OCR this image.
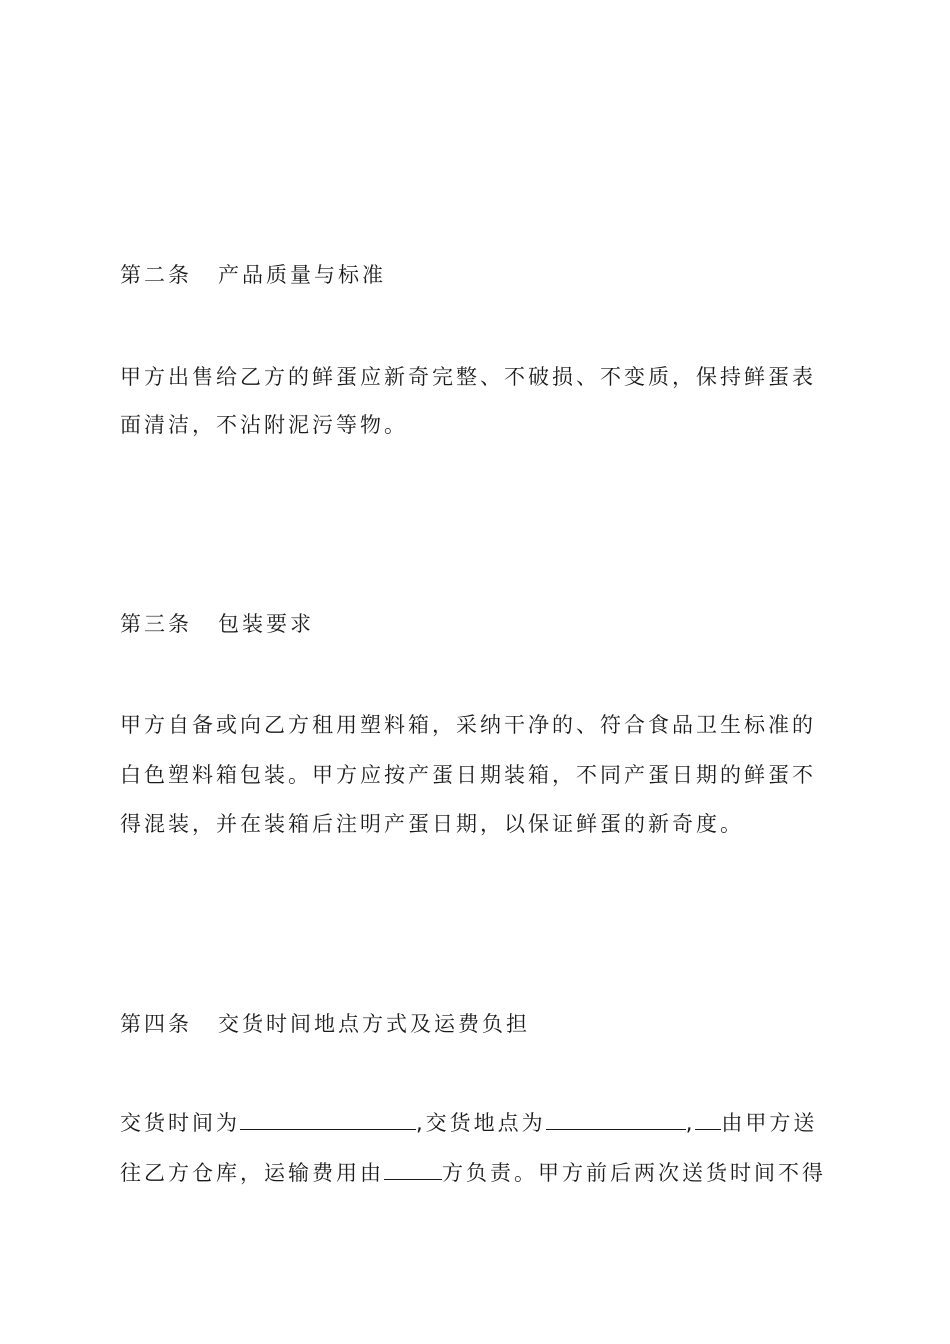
第二条 产品质量与标准
甲方出售给乙方的鲜蛋应新奇完整、不破损、不变质，保持鲜蛋表
面清洁，不沾附泥污等物。
第三条 包装要求
甲方自备或向乙方租用塑料箱，采纳干净的、符合食品卫生标准的
白色塑料箱包装。甲方应按产蛋日期装箱，不同产蛋日期的鲜蛋不
得混装，并在装箱后注明产蛋日期，以保证鲜蛋的新奇度。
第四条 交货时间地点方式及运费负担
交货时间为	,交货地点为	, 由甲方送
往乙方仓库，运输费用由	方负责。甲方前后两次送货时间不得
